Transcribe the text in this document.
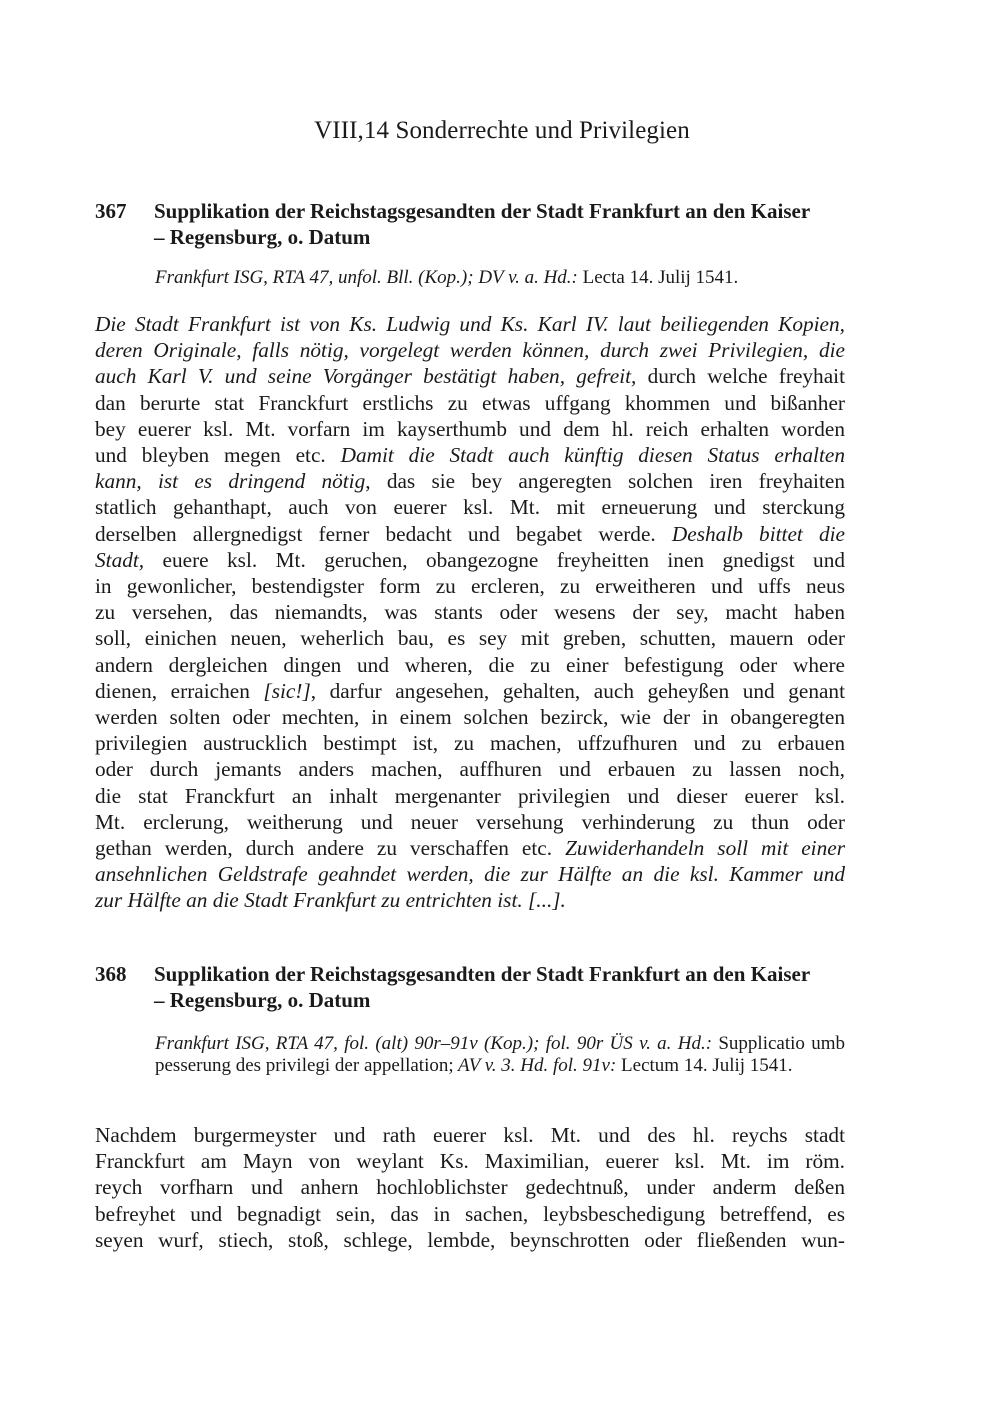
VIII,14 Sonderrechte und Privilegien
367	Supplikation der Reichstagsgesandten der Stadt Frankfurt an den Kaiser
– Regensburg, o. Datum
Frankfurt ISG, RTA 47, unfol. Bll. (Kop.); DV v. a. Hd.: Lecta 14. Julij 1541.
Die Stadt Frankfurt ist von Ks. Ludwig und Ks. Karl IV. laut beiliegenden Kopien,
deren Originale, falls nötig, vorgelegt werden können, durch zwei Privilegien, die
auch Karl V. und seine Vorgänger bestätigt haben, gefreit, durch welche freyhait
dan berurte stat Franckfurt erstlichs zu etwas uffgang khommen und bißanher
bey euerer ksl. Mt. vorfarn im kayserthumb und dem hl. reich erhalten worden
und bleyben megen etc. Damit die Stadt auch künftig diesen Status erhalten
kann, ist es dringend nötig, das sie bey angeregten solchen iren freyhaiten
statlich gehanthapt, auch von euerer ksl. Mt. mit erneuerung und sterckung
derselben allergnedigst ferner bedacht und begabet werde. Deshalb bittet die
Stadt, euere ksl. Mt. geruchen, obangezogne freyheitten inen gnedigst und
in gewonlicher, bestendigster form zu ercleren, zu erweitheren und uffs neus
zu versehen, das niemandts, was stants oder wesens der sey, macht haben
soll, einichen neuen, weherlich bau, es sey mit greben, schutten, mauern oder
andern dergleichen dingen und wheren, die zu einer befestigung oder where
dienen, erraichen [sic!], darfur angesehen, gehalten, auch geheyßen und genant
werden solten oder mechten, in einem solchen bezirck, wie der in obangeregten
privilegien austrucklich bestimpt ist, zu machen, uffzufhuren und zu erbauen
oder durch jemants anders machen, auffhuren und erbauen zu lassen noch,
die stat Franckfurt an inhalt mergenanter privilegien und dieser euerer ksl.
Mt. erclerung, weitherung und neuer versehung verhinderung zu thun oder
gethan werden, durch andere zu verschaffen etc. Zuwiderhandeln soll mit einer
ansehnlichen Geldstrafe geahndet werden, die zur Hälfte an die ksl. Kammer und
zur Hälfte an die Stadt Frankfurt zu entrichten ist. [...].
368	Supplikation der Reichstagsgesandten der Stadt Frankfurt an den Kaiser
– Regensburg, o. Datum
Frankfurt ISG, RTA 47, fol. (alt) 90r–91v (Kop.); fol. 90r ÜS v. a. Hd.: Supplicatio umb pesserung des privilegi der appellation; AV v. 3. Hd. fol. 91v: Lectum 14. Julij 1541.
Nachdem burgermeyster und rath euerer ksl. Mt. und des hl. reychs stadt
Franckfurt am Mayn von weylant Ks. Maximilian, euerer ksl. Mt. im röm.
reych vorfharn und anhern hochloblichster gedechtnuß, under anderm deßen
befreyhet und begnadigt sein, das in sachen, leybsbeschedigung betreffend, es
seyen wurf, stiech, stoß, schlege, lembde, beynschrotten oder fließenden wun-
